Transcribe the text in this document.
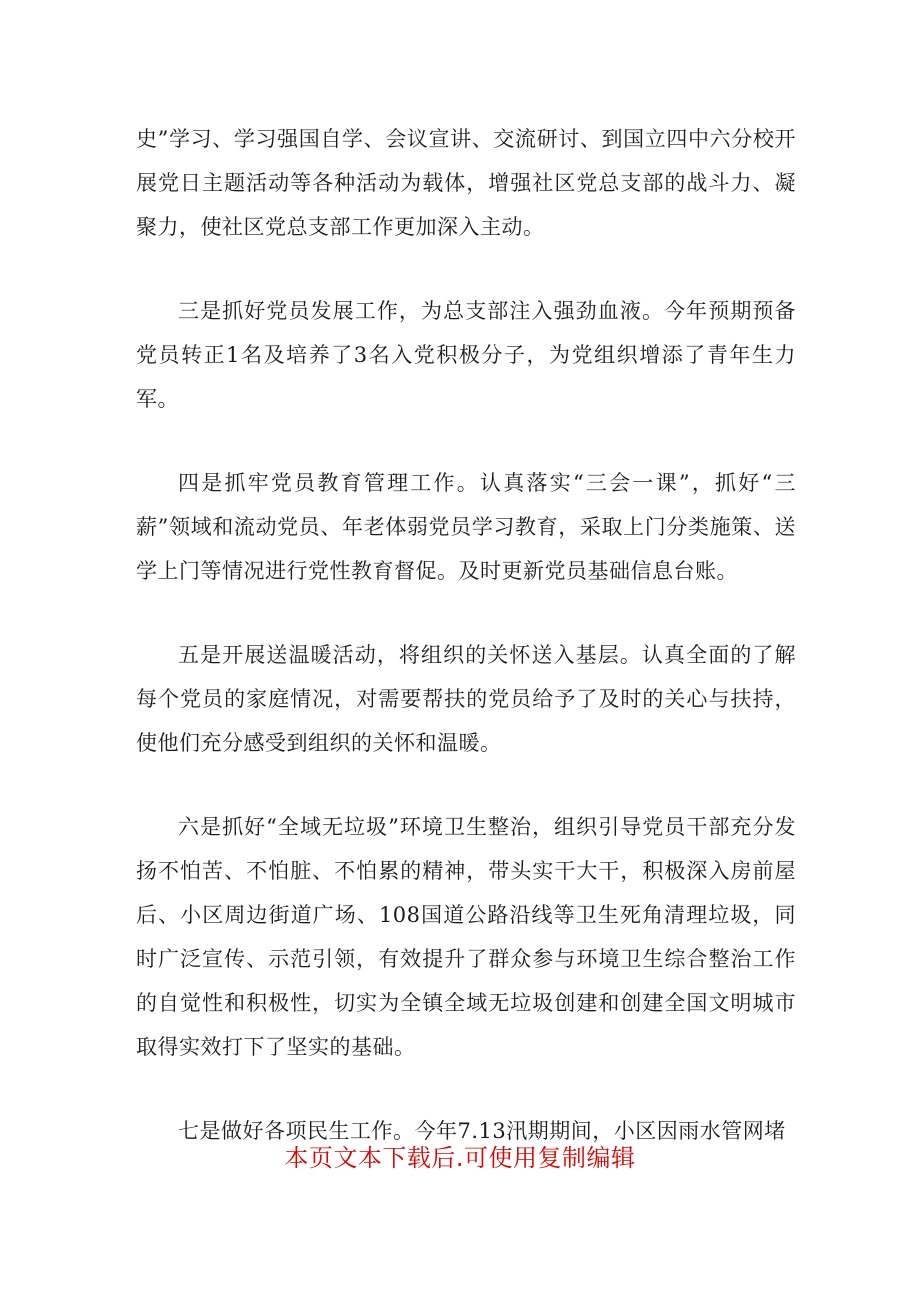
史”学习、学习强国自学、会议宣讲、交流研讨、到国立四中六分校开展党日主题活动等各种活动为载体，增强社区党总支部的战斗力、凝聚力，使社区党总支部工作更加深入主动。

三是抓好党员发展工作，为总支部注入强劲血液。今年预期预备党员转正1名及培养了3名入党积极分子，为党组织增添了青年生力军。

四是抓牢党员教育管理工作。认真落实“三会一课”，抓好“三薪”领域和流动党员、年老体弱党员学习教育，采取上门分类施策、送学上门等情况进行党性教育督促。及时更新党员基础信息台账。

五是开展送温暖活动，将组织的关怀送入基层。认真全面的了解每个党员的家庭情况，对需要帮扶的党员给予了及时的关心与扶持，使他们充分感受到组织的关怀和温暖。

六是抓好“全域无垃圾”环境卫生整治，组织引导党员干部充分发扬不怕苦、不怕脏、不怕累的精神，带头实干大干，积极深入房前屋后、小区周边街道广场、108国道公路沿线等卫生死角清理垃圾，同时广泛宣传、示范引领，有效提升了群众参与环境卫生综合整治工作的自觉性和积极性，切实为全镇全域无垃圾创建和创建全国文明城市取得实效打下了坚实的基础。

七是做好各项民生工作。今年7.13汛期期间，小区因雨水管网堵

本页文本下载后.可使用复制编辑
